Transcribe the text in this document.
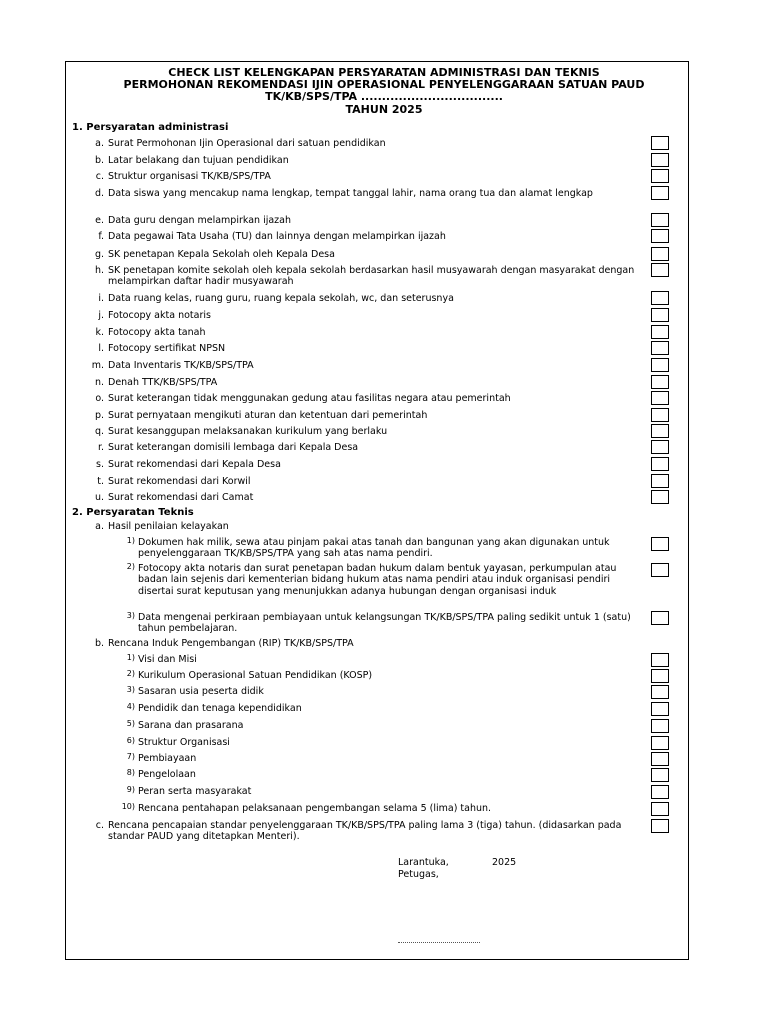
CHECK LIST KELENGKAPAN PERSYARATAN ADMINISTRASI DAN TEKNIS
PERMOHONAN REKOMENDASI IJIN OPERASIONAL PENYELENGGARAAN SATUAN PAUD
TK/KB/SPS/TPA ..................................
TAHUN 2025
1. Persyaratan administrasi
a. Surat Permohonan Ijin Operasional dari satuan pendidikan
b. Latar belakang dan tujuan pendidikan
c. Struktur organisasi TK/KB/SPS/TPA
d. Data siswa yang mencakup nama lengkap, tempat tanggal lahir, nama orang tua dan alamat lengkap
e. Data guru dengan melampirkan ijazah
f. Data pegawai Tata Usaha (TU) dan lainnya dengan melampirkan ijazah
g. SK penetapan Kepala Sekolah oleh Kepala Desa
h. SK penetapan komite sekolah oleh kepala sekolah berdasarkan hasil musyawarah dengan masyarakat dengan melampirkan daftar hadir musyawarah
i. Data ruang kelas, ruang guru, ruang kepala sekolah, wc, dan seterusnya
j. Fotocopy akta notaris
k. Fotocopy akta tanah
l. Fotocopy sertifikat NPSN
m. Data Inventaris TK/KB/SPS/TPA
n. Denah TTK/KB/SPS/TPA
o. Surat keterangan tidak menggunakan gedung atau fasilitas negara atau pemerintah
p. Surat pernyataan mengikuti aturan dan ketentuan dari pemerintah
q. Surat kesanggupan melaksanakan kurikulum yang berlaku
r. Surat keterangan domisili lembaga dari Kepala Desa
s. Surat rekomendasi dari Kepala Desa
t. Surat rekomendasi dari Korwil
u. Surat rekomendasi dari Camat
2. Persyaratan Teknis
a. Hasil penilaian kelayakan
1) Dokumen hak milik, sewa atau pinjam pakai atas tanah dan bangunan yang akan digunakan untuk penyelenggaraan TK/KB/SPS/TPA yang sah atas nama pendiri.
2) Fotocopy akta notaris dan surat penetapan badan hukum dalam bentuk yayasan, perkumpulan atau badan lain sejenis dari kementerian bidang hukum atas nama pendiri atau induk organisasi pendiri disertai surat keputusan yang menunjukkan adanya hubungan dengan organisasi induk
3) Data mengenai perkiraan pembiayaan untuk kelangsungan TK/KB/SPS/TPA paling sedikit untuk 1 (satu) tahun pembelajaran.
b. Rencana Induk Pengembangan (RIP) TK/KB/SPS/TPA
1) Visi dan Misi
2) Kurikulum Operasional Satuan Pendidikan (KOSP)
3) Sasaran usia peserta didik
4) Pendidik dan tenaga kependidikan
5) Sarana dan prasarana
6) Struktur Organisasi
7) Pembiayaan
8) Pengelolaan
9) Peran serta masyarakat
10) Rencana pentahapan pelaksanaan pengembangan selama 5 (lima) tahun.
c. Rencana pencapaian standar penyelenggaraan TK/KB/SPS/TPA paling lama 3 (tiga) tahun. (didasarkan pada standar PAUD yang ditetapkan Menteri).
Larantuka,	2025
Petugas,
